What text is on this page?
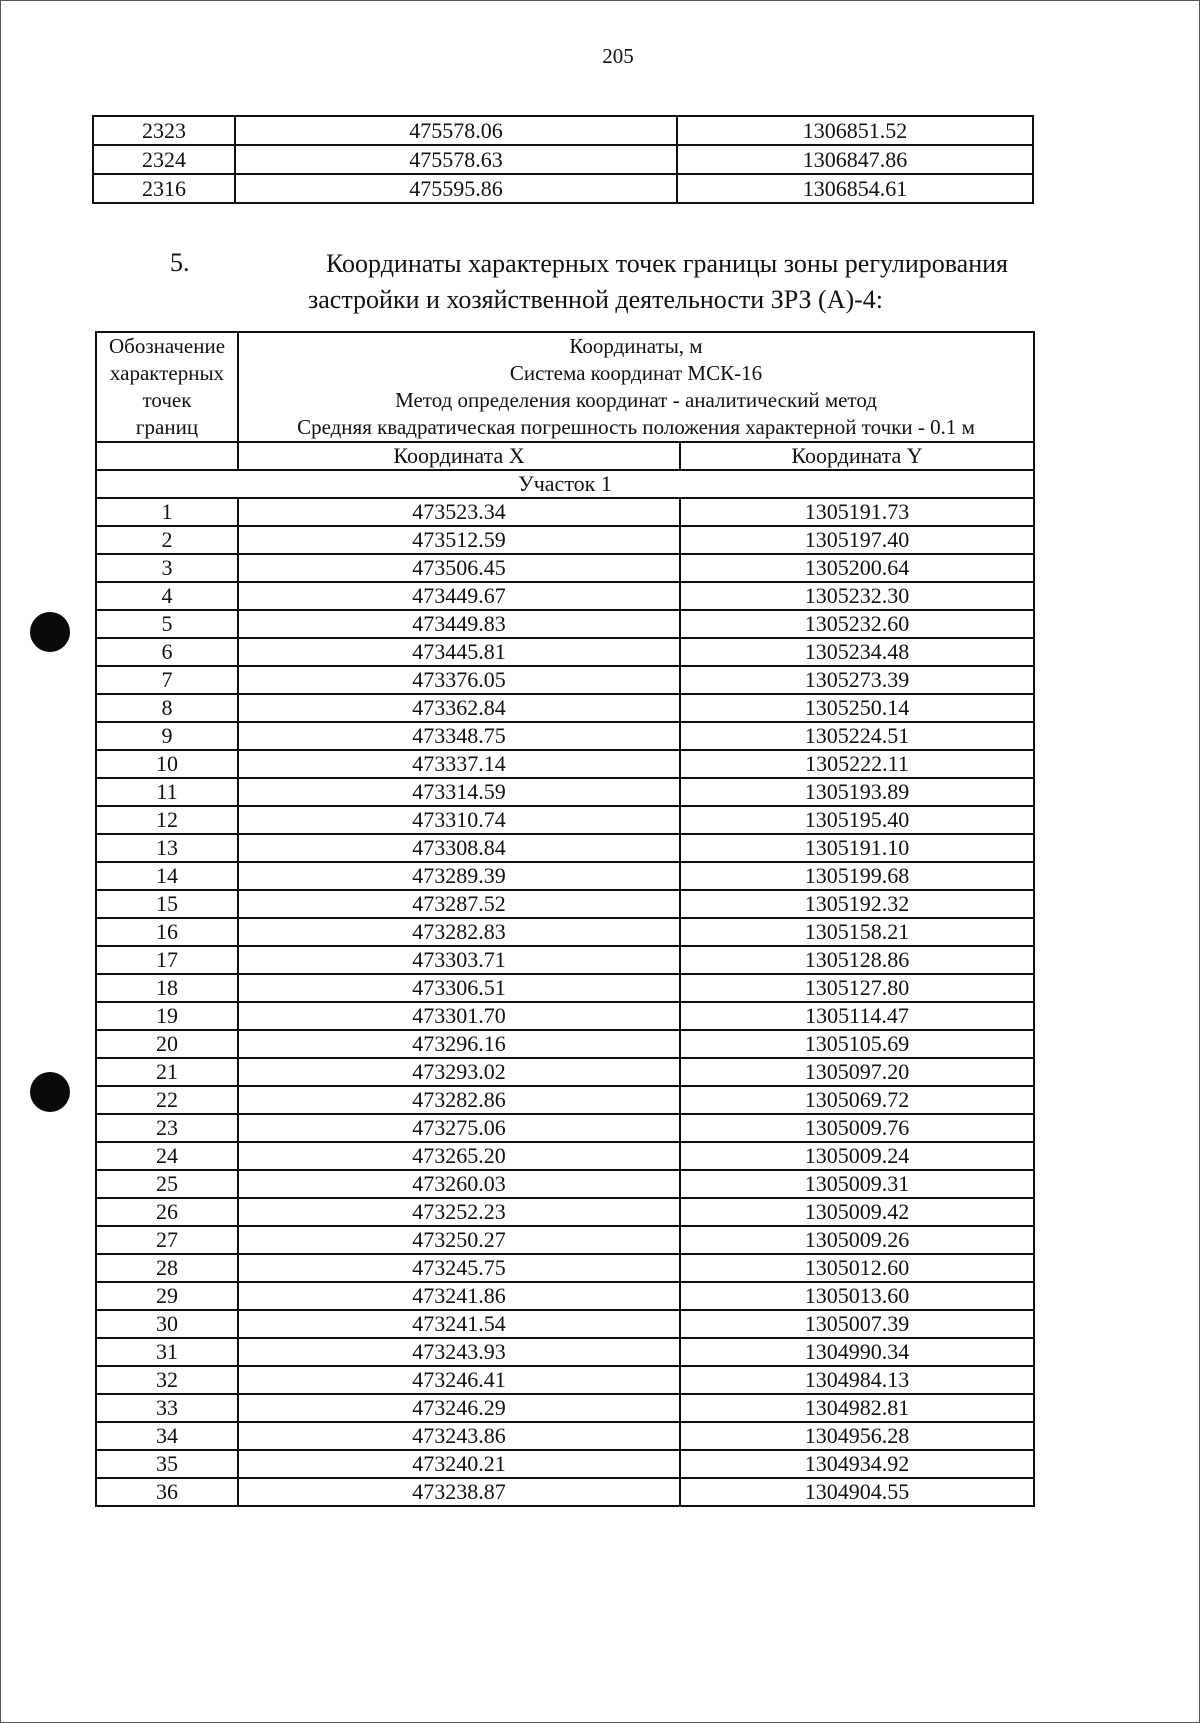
205
2323	475578.06	1306851.52
2324	475578.63	1306847.86
2316	475595.86	1306854.61
5.	Координаты характерных точек границы зоны регулирования
застройки и хозяйственной деятельности ЗРЗ (А)-4:
Обозначение
характерных
точек
границ	Координаты, м
Система координат МСК-16
Метод определения координат - аналитический метод
Средняя квадратическая погрешность положения характерной точки - 0.1 м	

	Координата X	Координата Y
Участок 1		
1	473523.34	1305191.73
2	473512.59	1305197.40
3	473506.45	1305200.64
4	473449.67	1305232.30
5	473449.83	1305232.60
6	473445.81	1305234.48
7	473376.05	1305273.39
8	473362.84	1305250.14
9	473348.75	1305224.51
10	473337.14	1305222.11
11	473314.59	1305193.89
12	473310.74	1305195.40
13	473308.84	1305191.10
14	473289.39	1305199.68
15	473287.52	1305192.32
16	473282.83	1305158.21
17	473303.71	1305128.86
18	473306.51	1305127.80
19	473301.70	1305114.47
20	473296.16	1305105.69
21	473293.02	1305097.20
22	473282.86	1305069.72
23	473275.06	1305009.76
24	473265.20	1305009.24
25	473260.03	1305009.31
26	473252.23	1305009.42
27	473250.27	1305009.26
28	473245.75	1305012.60
29	473241.86	1305013.60
30	473241.54	1305007.39
31	473243.93	1304990.34
32	473246.41	1304984.13
33	473246.29	1304982.81
34	473243.86	1304956.28
35	473240.21	1304934.92
36	473238.87	1304904.55
